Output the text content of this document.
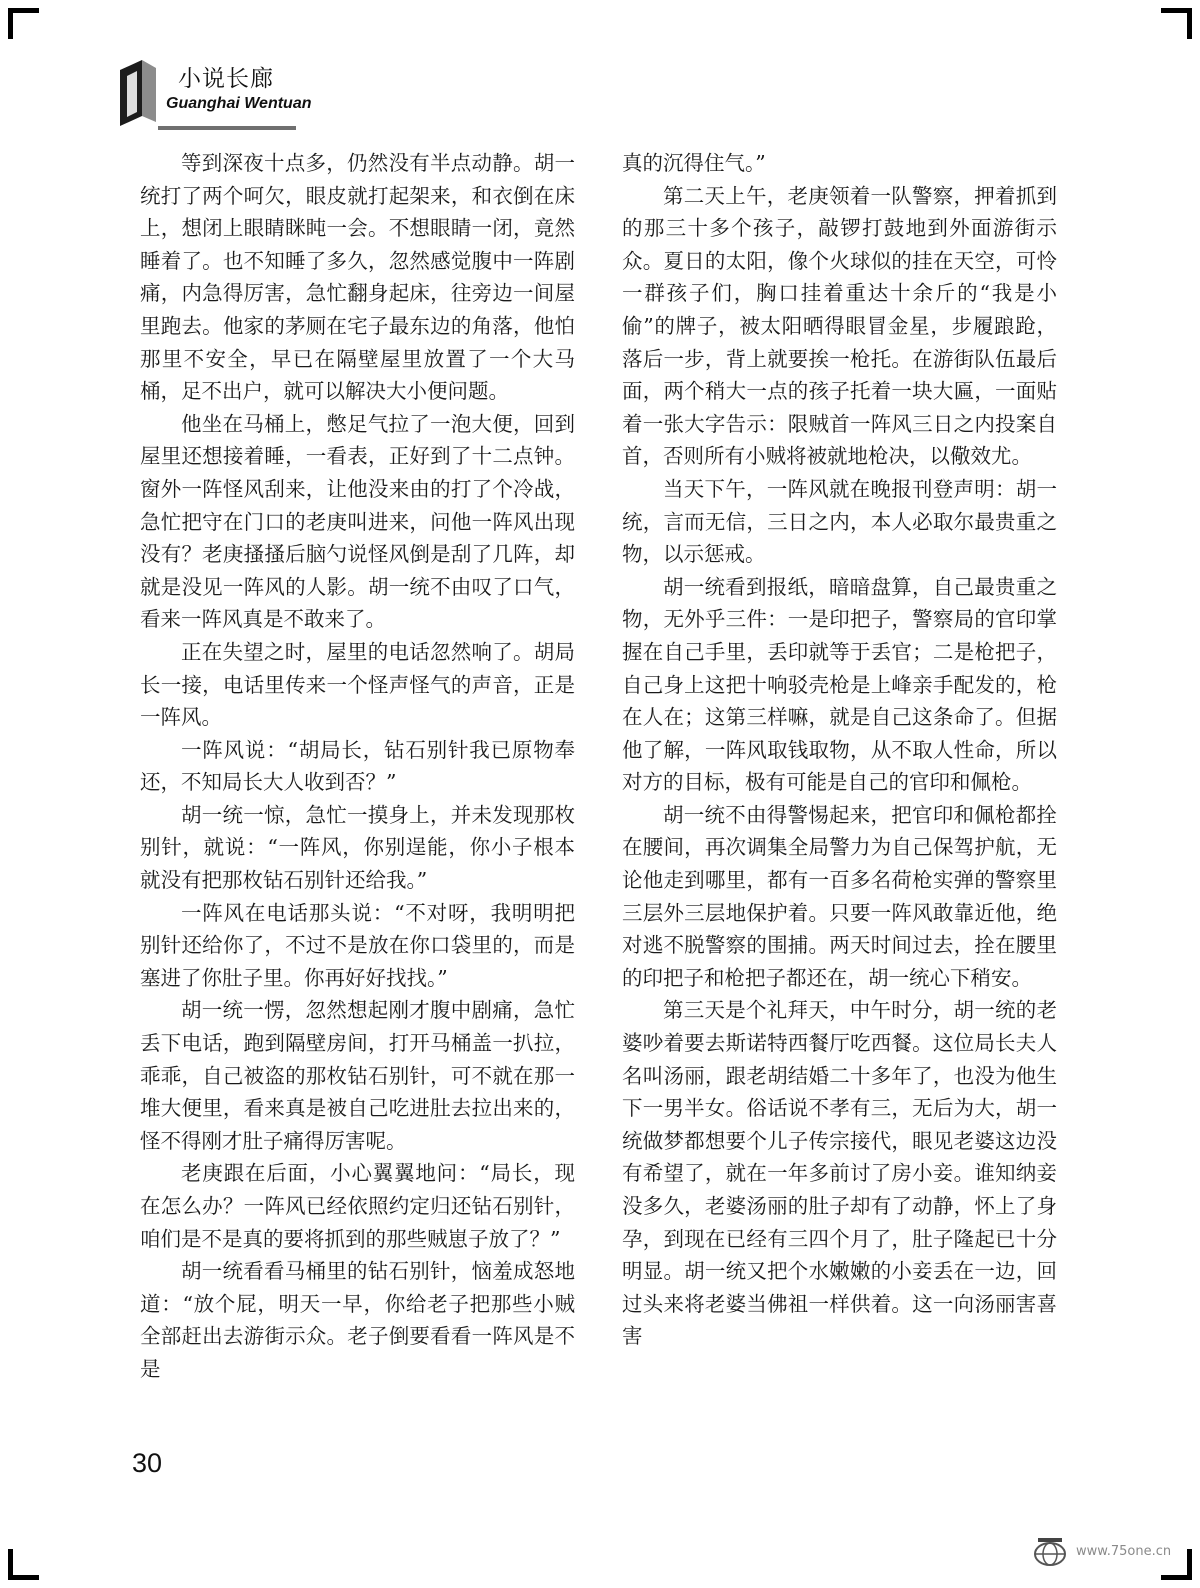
小说长廊
Guanghai Wentuan

等到深夜十点多，仍然没有半点动静。胡一统打了两个呵欠，眼皮就打起架来，和衣倒在床上，想闭上眼睛眯盹一会。不想眼睛一闭，竟然睡着了。也不知睡了多久，忽然感觉腹中一阵剧痛，内急得厉害，急忙翻身起床，往旁边一间屋里跑去。他家的茅厕在宅子最东边的角落，他怕那里不安全，早已在隔壁屋里放置了一个大马桶，足不出户，就可以解决大小便问题。

他坐在马桶上，憋足气拉了一泡大便，回到屋里还想接着睡，一看表，正好到了十二点钟。窗外一阵怪风刮来，让他没来由的打了个冷战，急忙把守在门口的老庚叫进来，问他一阵风出现没有？老庚搔搔后脑勺说怪风倒是刮了几阵，却就是没见一阵风的人影。胡一统不由叹了口气，看来一阵风真是不敢来了。

正在失望之时，屋里的电话忽然响了。胡局长一接，电话里传来一个怪声怪气的声音，正是一阵风。

一阵风说：“胡局长，钻石别针我已原物奉还，不知局长大人收到否？”

胡一统一惊，急忙一摸身上，并未发现那枚别针，就说：“一阵风，你别逞能，你小子根本就没有把那枚钻石别针还给我。”

一阵风在电话那头说：“不对呀，我明明把别针还给你了，不过不是放在你口袋里的，而是塞进了你肚子里。你再好好找找。”

胡一统一愣，忽然想起刚才腹中剧痛，急忙丢下电话，跑到隔壁房间，打开马桶盖一扒拉，乖乖，自己被盗的那枚钻石别针，可不就在那一堆大便里，看来真是被自己吃进肚去拉出来的，怪不得刚才肚子痛得厉害呢。

老庚跟在后面，小心翼翼地问：“局长，现在怎么办？一阵风已经依照约定归还钻石别针，咱们是不是真的要将抓到的那些贼崽子放了？”

胡一统看看马桶里的钻石别针，恼羞成怒地道：“放个屁，明天一早，你给老子把那些小贼全部赶出去游街示众。老子倒要看看一阵风是不是

真的沉得住气。”

第二天上午，老庚领着一队警察，押着抓到的那三十多个孩子，敲锣打鼓地到外面游街示众。夏日的太阳，像个火球似的挂在天空，可怜一群孩子们，胸口挂着重达十余斤的“我是小偷”的牌子，被太阳晒得眼冒金星，步履踉跄，落后一步，背上就要挨一枪托。在游街队伍最后面，两个稍大一点的孩子托着一块大匾，一面贴着一张大字告示：限贼首一阵风三日之内投案自首，否则所有小贼将被就地枪决，以儆效尤。

当天下午，一阵风就在晚报刊登声明：胡一统，言而无信，三日之内，本人必取尔最贵重之物，以示惩戒。

胡一统看到报纸，暗暗盘算，自己最贵重之物，无外乎三件：一是印把子，警察局的官印掌握在自己手里，丢印就等于丢官；二是枪把子，自己身上这把十响驳壳枪是上峰亲手配发的，枪在人在；这第三样嘛，就是自己这条命了。但据他了解，一阵风取钱取物，从不取人性命，所以对方的目标，极有可能是自己的官印和佩枪。

胡一统不由得警惕起来，把官印和佩枪都拴在腰间，再次调集全局警力为自己保驾护航，无论他走到哪里，都有一百多名荷枪实弹的警察里三层外三层地保护着。只要一阵风敢靠近他，绝对逃不脱警察的围捕。两天时间过去，拴在腰里的印把子和枪把子都还在，胡一统心下稍安。

第三天是个礼拜天，中午时分，胡一统的老婆吵着要去斯诺特西餐厅吃西餐。这位局长夫人名叫汤丽，跟老胡结婚二十多年了，也没为他生下一男半女。俗话说不孝有三，无后为大，胡一统做梦都想要个儿子传宗接代，眼见老婆这边没有希望了，就在一年多前讨了房小妾。谁知纳妾没多久，老婆汤丽的肚子却有了动静，怀上了身孕，到现在已经有三四个月了，肚子隆起已十分明显。胡一统又把个水嫩嫩的小妾丢在一边，回过头来将老婆当佛祖一样供着。这一向汤丽害喜害

30
www.75one.cn
